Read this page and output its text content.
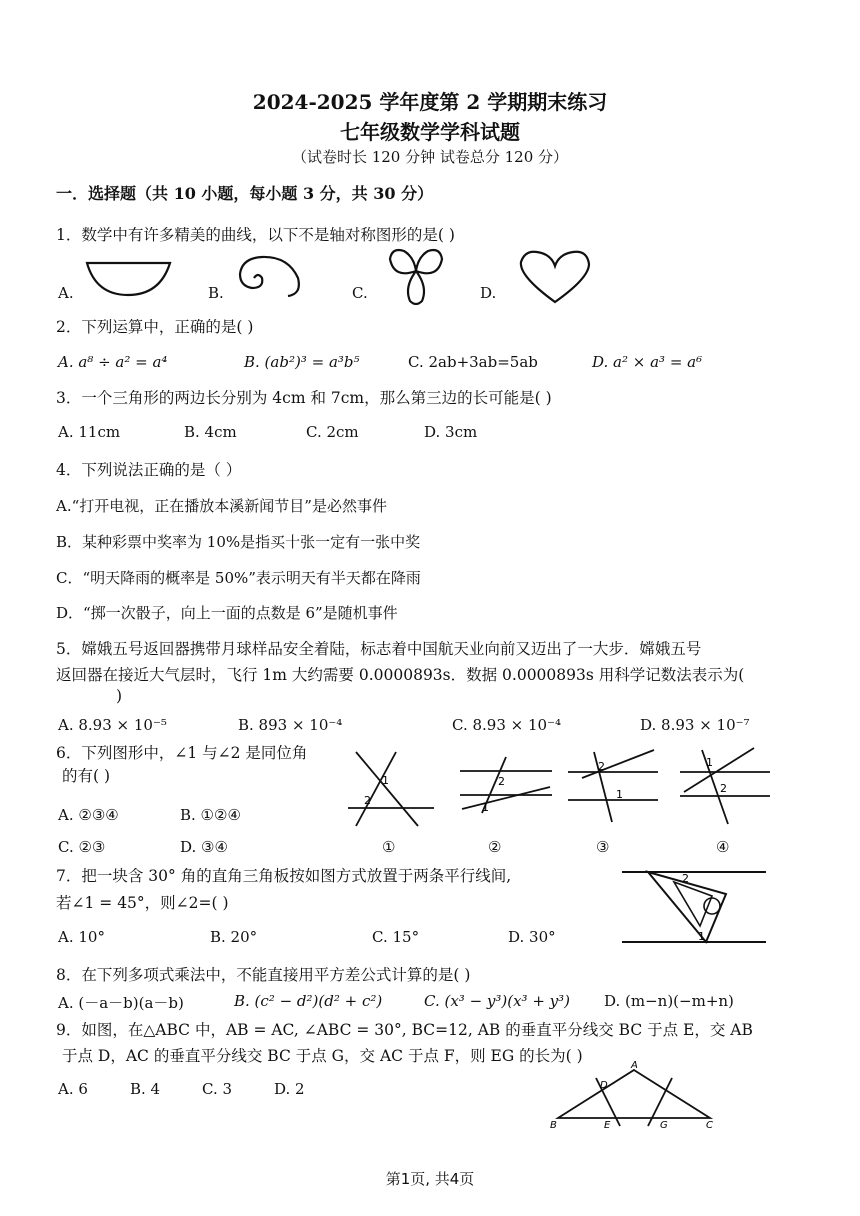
2024-2025 学年度第 2 学期期末练习
七年级数学学科试题
（试卷时长 120 分钟 试卷总分 120 分）
一．选择题（共 10 小题，每小题 3 分，共 30 分）
1．数学中有许多精美的曲线，以下不是轴对称图形的是( )
A.	B.	C.	D.
2．下列运算中，正确的是( )
A. a⁸ ÷ a² = a⁴	B. (ab²)³ = a³b⁵	C. 2ab+3ab=5ab	D. a² × a³ = a⁶
3．一个三角形的两边长分别为 4cm 和 7cm，那么第三边的长可能是( )
A. 11cm	B. 4cm	C. 2cm	D. 3cm
4．下列说法正确的是（ ）
A.“打开电视，正在播放本溪新闻节目”是必然事件
B．某种彩票中奖率为 10%是指买十张一定有一张中奖
C．“明天降雨的概率是 50%”表示明天有半天都在降雨
D．“掷一次骰子，向上一面的点数是 6”是随机事件
5．嫦娥五号返回器携带月球样品安全着陆，标志着中国航天业向前又迈出了一大步．嫦娥五号
返回器在接近大气层时，飞行 1m 大约需要 0.0000893s．数据 0.0000893s 用科学记数法表示为(
)
A. 8.93 × 10⁻⁵	B. 893 × 10⁻⁴	C. 8.93 × 10⁻⁴	D. 8.93 × 10⁻⁷
6．下列图形中，∠1 与∠2 是同位角
的有( )
A. ②③④	B. ①②④
C. ②③	D. ③④
1
2
2
1
2
1
1
2
①	②	③	④
7．把一块含 30° 角的直角三角板按如图方式放置于两条平行线间,
若∠1 = 45°，则∠2=( )
A. 10°	B. 20°	C. 15°	D. 30°
2
1
8．在下列多项式乘法中，不能直接用平方差公式计算的是( )
A. (－a－b)(a－b)	B. (c² − d²)(d² + c²)	C. (x³ − y³)(x³ + y³) D. (m−n)(−m+n)
9．如图，在△ABC 中，AB = AC, ∠ABC = 30°, BC=12, AB 的垂直平分线交 BC 于点 E，交 AB
于点 D，AC 的垂直平分线交 BC 于点 G，交 AC 于点 F，则 EG 的长为( )
A. 6	B. 4	C. 3	D. 2
A
B	C
D
E	G
第1页, 共4页
